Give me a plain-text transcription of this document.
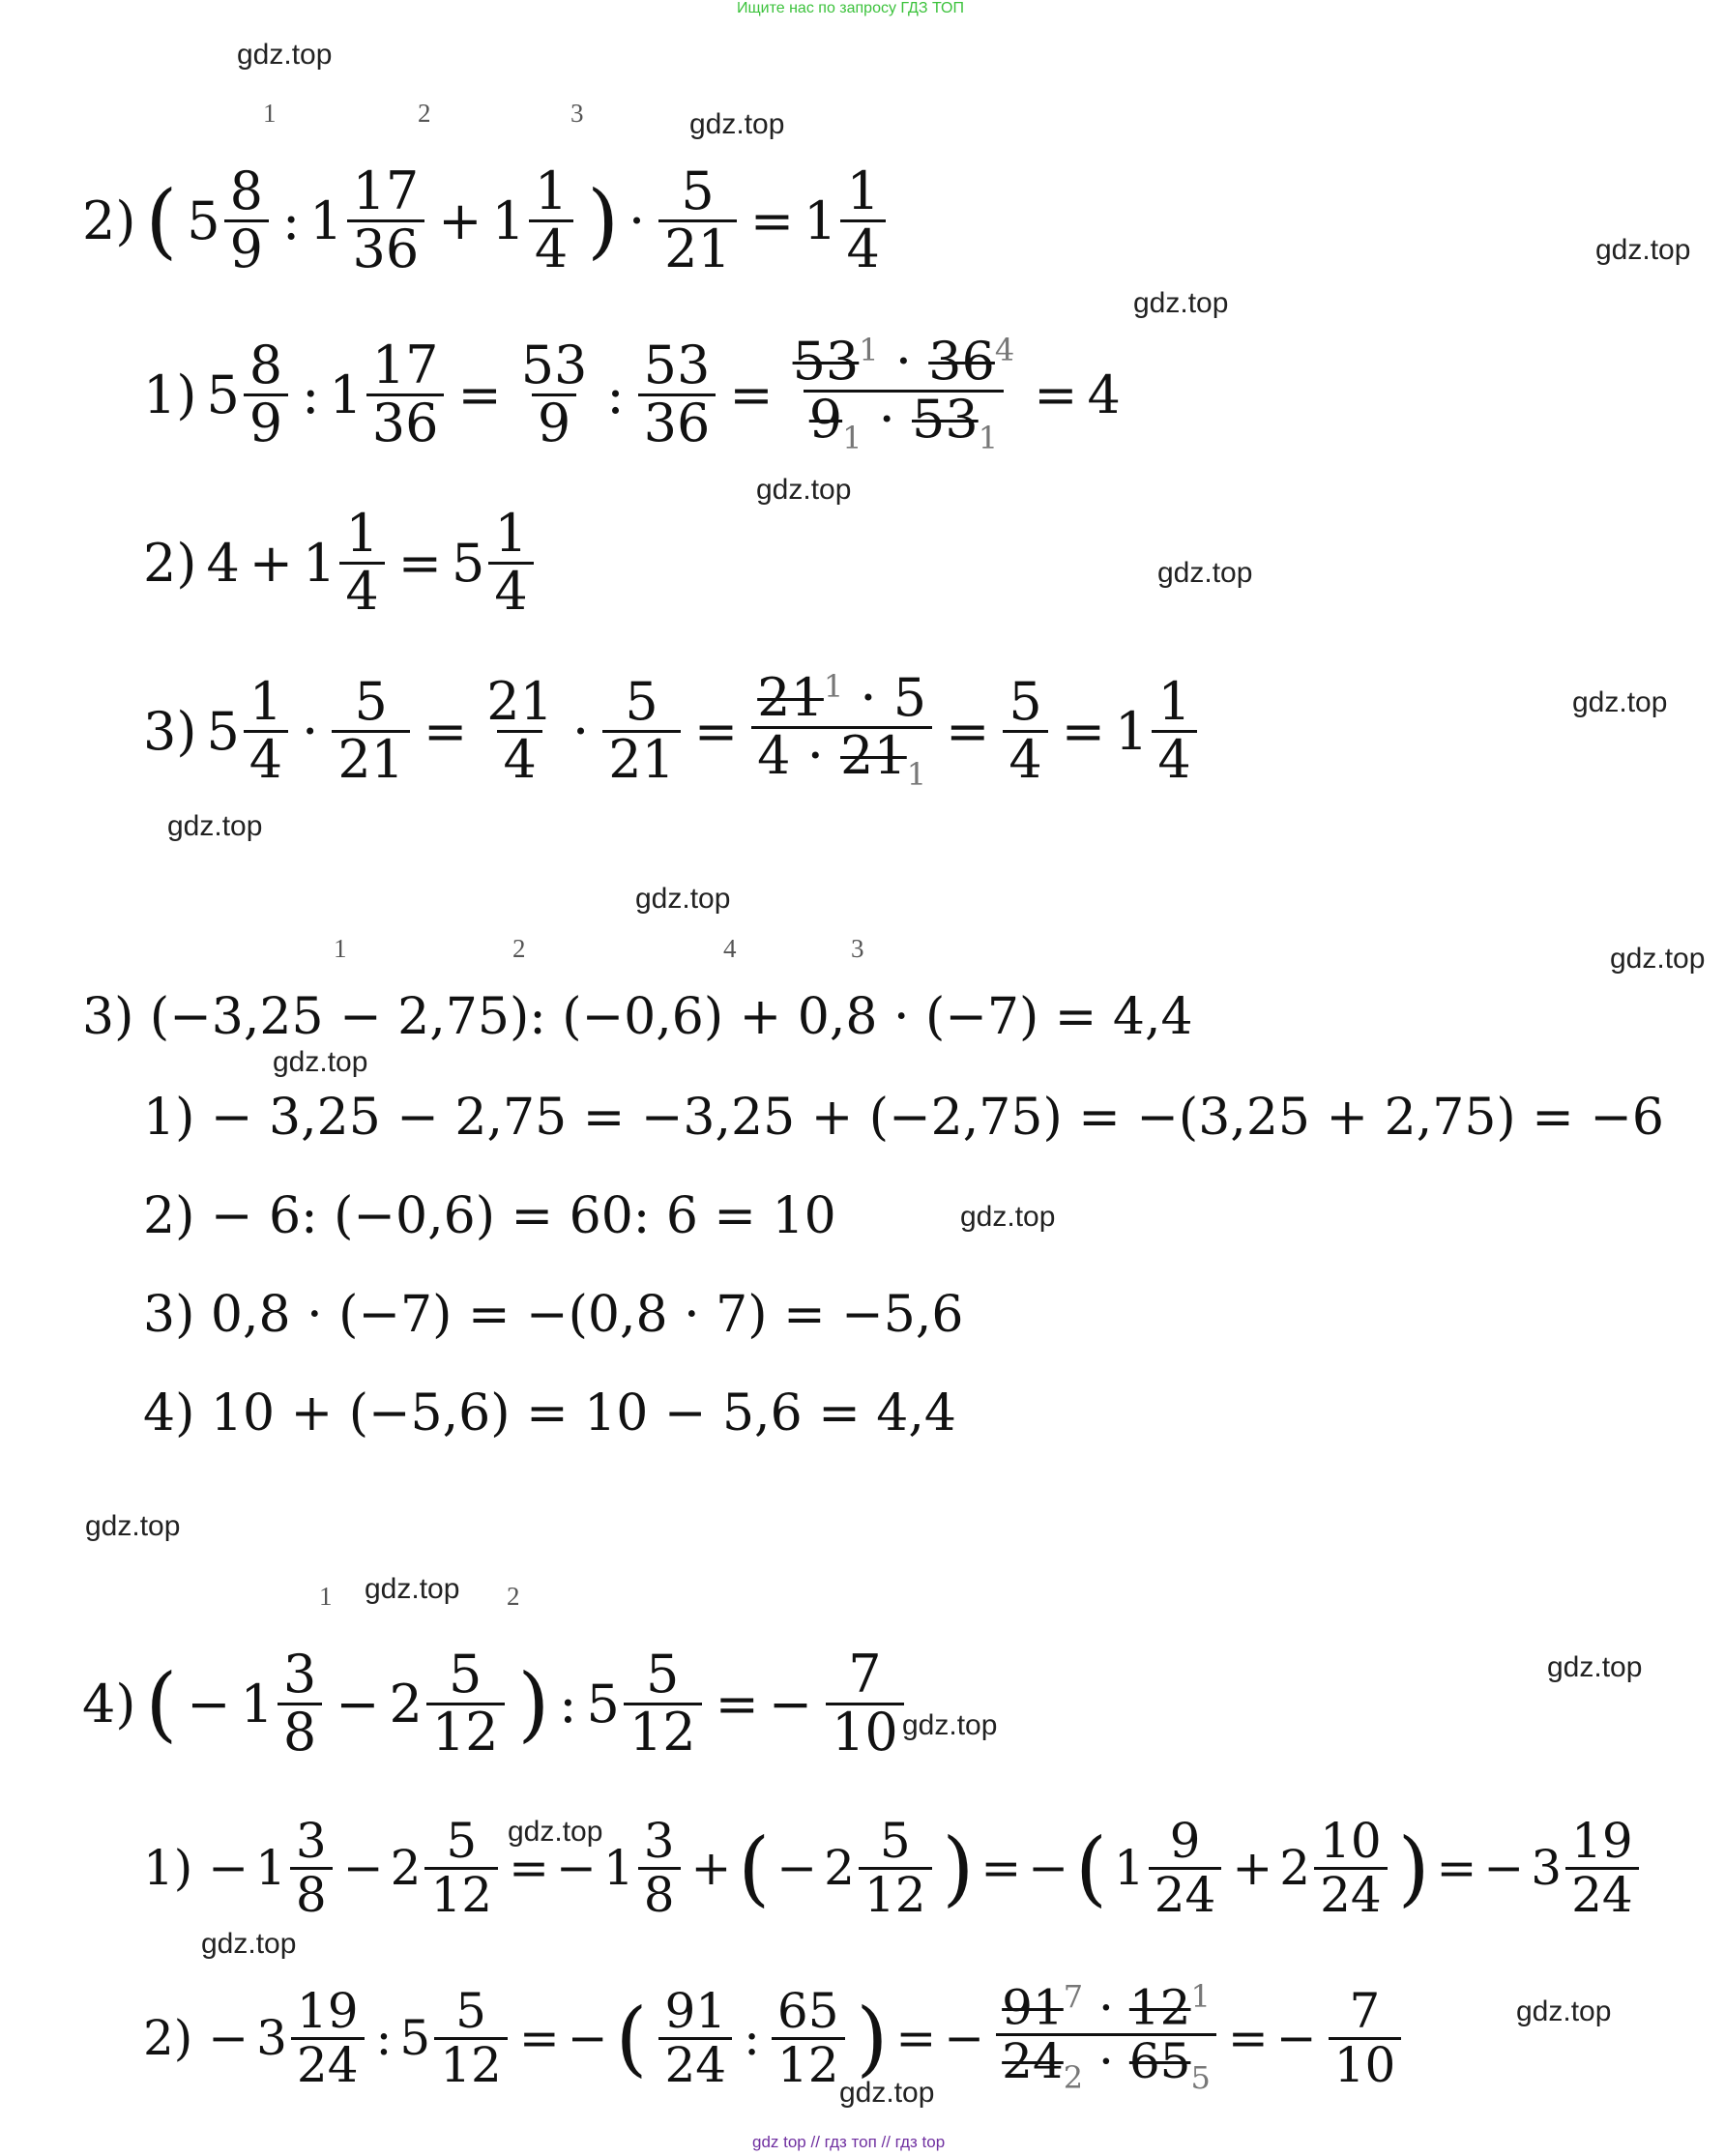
Ищите нас по запросу ГДЗ ТОП
gdz.top
gdz.top
gdz.top
gdz.top
gdz.top
gdz.top
gdz.top
gdz.top
gdz.top
gdz.top
gdz.top
gdz.top
gdz.top
gdz.top
gdz.top
gdz.top
gdz.top
gdz.top
gdz.top
gdz.top
1	2	3
2) ( $5 \frac{8}{9}$ : $1 \frac{17}{36} + 1 \frac{1}{4}$ ) · $\frac{5}{21} = 1 \frac{1}{4}$
1) $5 \frac{8}{9}$ : $1 \frac{17}{36} = \frac{53}{9}$ : $\frac{53}{36} = \frac{53^1 \cdot 36^4}{9_1 \cdot 53_1} = 4$
2) $4 + 1 \frac{1}{4} = 5 \frac{1}{4}$
3) $5 \frac{1}{4} \cdot \frac{5}{21} = \frac{21}{4} \cdot \frac{5}{21} = \frac{21^1 \cdot 5}{4 \cdot 21_1} = \frac{5}{4} = 1 \frac{1}{4}$
1	2	4	3
3) (−3,25 − 2,75): (−0,6) + 0,8 · (−7) = 4,4
1) − 3,25 − 2,75 = −3,25 + (−2,75) = −(3,25 + 2,75) = −6
2) − 6: (−0,6) = 60: 6 = 10
3) 0,8 · (−7) = −(0,8 · 7) = −5,6
4) 10 + (−5,6) = 10 − 5,6 = 4,4
1	2
4) ( − $1 \frac{3}{8} - 2 \frac{5}{12}$ ) : $5 \frac{5}{12}$ = − $\frac{7}{10}$
$1) - 1 \frac{3}{8} - 2 \frac{5}{12}$ = − $1 \frac{3}{8}$ + ( − $2 \frac{5}{12}$ ) = − ( $1 \frac{9}{24} + 2 \frac{10}{24}$ ) = − $3 \frac{19}{24}$
$2) - 3 \frac{19}{24}$ : $5 \frac{5}{12}$ = − ( $\frac{91}{24}$ : $\frac{65}{12}$ ) = − $\frac{91^7 \cdot 12^1}{24_2 \cdot 65_5}$ = − $\frac{7}{10}$
gdz top // гдз топ // гдз top
